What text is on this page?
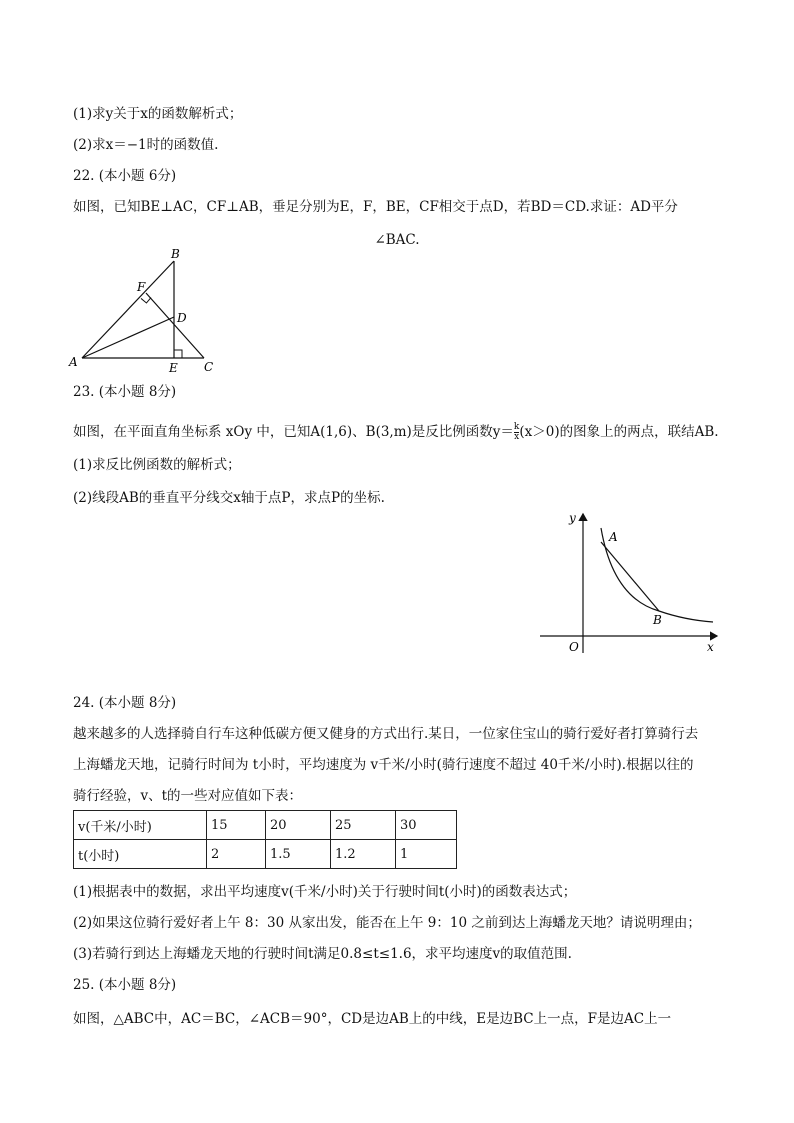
(1)求y关于x的函数解析式；
(2)求x＝−1时的函数值.
22. (本小题 6分)
如图，已知BE⊥AC，CF⊥AB，垂足分别为E，F，BE，CF相交于点D，若BD＝CD.求证：AD平分
∠BAC.
A
B
C
D
E
F
23. (本小题 8分)
如图，在平面直角坐标系 xOy 中，已知A(1,6)、B(3,m)是反比例函数$y= \frac{k}{x} (x>0)$的图象上的两点，联结AB.
(1)求反比例函数的解析式；
(2)线段AB的垂直平分线交x轴于点P，求点P的坐标.
y
x
O
A
B
24. (本小题 8分)
越来越多的人选择骑自行车这种低碳方便又健身的方式出行.某日，一位家住宝山的骑行爱好者打算骑行去
上海蟠龙天地，记骑行时间为 t小时，平均速度为 v千米/小时(骑行速度不超过 40千米/小时).根据以往的
骑行经验，v、t的一些对应值如下表：
v(千米/小时)	15	20	25	30
t(小时)	2	1.5	1.2	1
(1)根据表中的数据，求出平均速度v(千米/小时)关于行驶时间t(小时)的函数表达式；
(2)如果这位骑行爱好者上午 8：30 从家出发，能否在上午 9：10 之前到达上海蟠龙天地？请说明理由；
(3)若骑行到达上海蟠龙天地的行驶时间t满足0.8≤t≤1.6，求平均速度v的取值范围.
25. (本小题 8分)
如图，△ABC中，AC＝BC，∠ACB＝90°，CD是边AB上的中线，E是边BC上一点，F是边AC上一
